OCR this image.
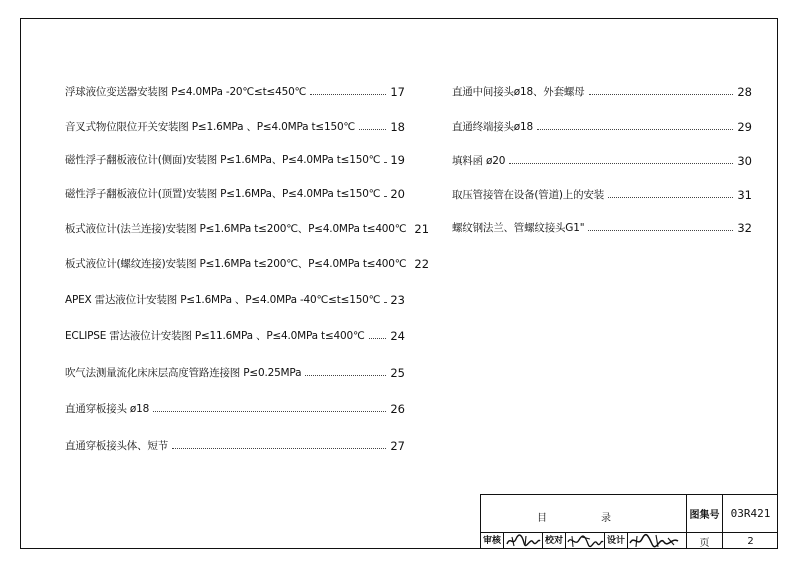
浮球液位变送器安装图 P≤4.0MPa -20℃≤t≤450℃	17
音叉式物位限位开关安装图 P≤1.6MPa 、P≤4.0MPa t≤150℃	18
磁性浮子翻板液位计(侧面)安装图 P≤1.6MPa、P≤4.0MPa t≤150℃ 19
磁性浮子翻板液位计(顶置)安装图 P≤1.6MPa、P≤4.0MPa t≤150℃ 20
板式液位计(法兰连接)安装图 P≤1.6MPa t≤200℃、P≤4.0MPa t≤400℃ 21
板式液位计(螺纹连接)安装图 P≤1.6MPa t≤200℃、P≤4.0MPa t≤400℃ 22
APEX 雷达液位计安装图 P≤1.6MPa 、P≤4.0MPa -40℃≤t≤150℃ 23
ECLIPSE 雷达液位计安装图 P≤11.6MPa 、P≤4.0MPa t≤400℃ 24
吹气法测量流化床床层高度管路连接图 P≤0.25MPa	25
直通穿板接头 ø18	26
直通穿板接头体、短节	27
直通中间接头ø18、外套螺母	28
直通终端接头ø18	29
填料函 ø20	30
取压管接管在设备(管道)上的安装	31
螺纹钢法兰、管螺纹接头G1"	32
目	录	图集号	03R421
审核	校对	设计	页	2
